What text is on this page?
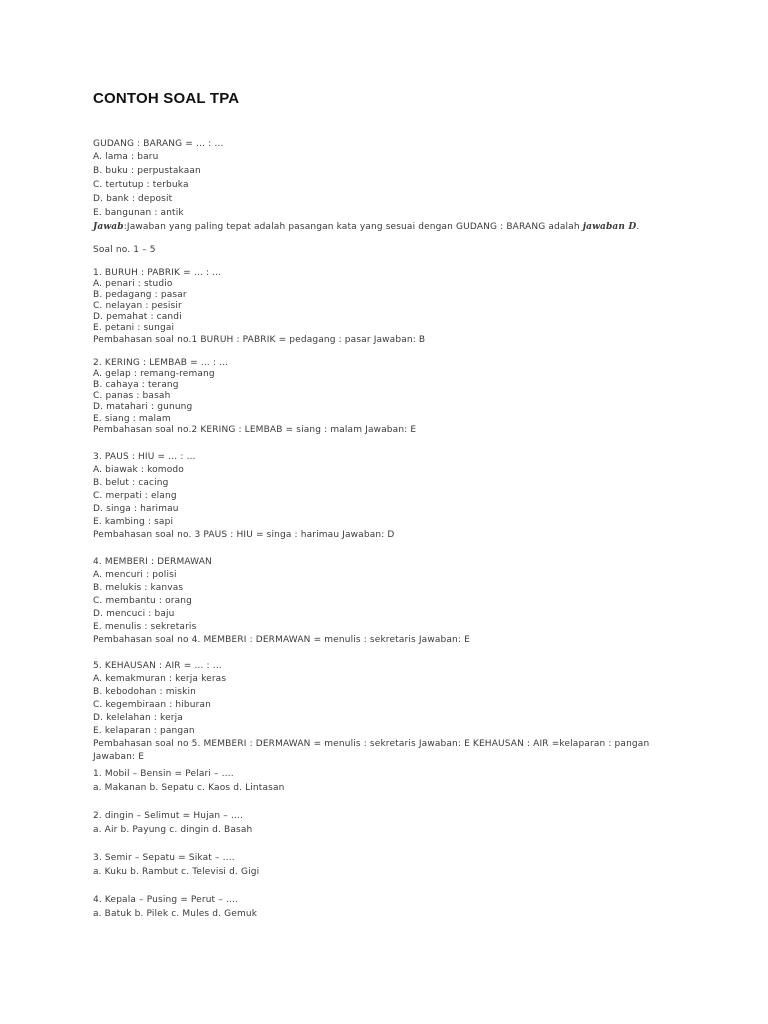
CONTOH SOAL TPA
GUDANG : BARANG = … : …
A. lama : baru
B. buku : perpustakaan
C. tertutup : terbuka
D. bank : deposit
E. bangunan : antik
Jawab:Jawaban yang paling tepat adalah pasangan kata yang sesuai dengan GUDANG : BARANG adalah jawaban D.
Soal no. 1 – 5
1. BURUH : PABRIK = … : …
A. penari : studio
B. pedagang : pasar
C. nelayan : pesisir
D. pemahat : candi
E. petani : sungai
Pembahasan soal no.1 BURUH : PABRIK = pedagang : pasar Jawaban: B
2. KERING : LEMBAB = … : …
A. gelap : remang-remang
B. cahaya : terang
C. panas : basah
D. matahari : gunung
E. siang : malam
Pembahasan soal no.2 KERING : LEMBAB = siang : malam Jawaban: E
3. PAUS : HIU = … : …
A. biawak : komodo
B. belut : cacing
C. merpati : elang
D. singa : harimau
E. kambing : sapi
Pembahasan soal no. 3 PAUS : HIU = singa : harimau Jawaban: D
4. MEMBERI : DERMAWAN
A. mencuri : polisi
B. melukis : kanvas
C. membantu : orang
D. mencuci : baju
E. menulis : sekretaris
Pembahasan soal no 4. MEMBERI : DERMAWAN = menulis : sekretaris Jawaban: E
5. KEHAUSAN : AIR = … : …
A. kemakmuran : kerja keras
B. kebodohan : miskin
C. kegembiraan : hiburan
D. kelelahan : kerja
E. kelaparan : pangan
Pembahasan soal no 5. MEMBERI : DERMAWAN = menulis : sekretaris Jawaban: E KEHAUSAN : AIR =kelaparan : pangan
Jawaban: E
1. Mobil – Bensin = Pelari – ….
a. Makanan b. Sepatu c. Kaos d. Lintasan
2. dingin – Selimut = Hujan – ….
a. Air b. Payung c. dingin d. Basah
3. Semir – Sepatu = Sikat – ….
a. Kuku b. Rambut c. Televisi d. Gigi
4. Kepala – Pusing = Perut – ….
a. Batuk b. Pilek c. Mules d. Gemuk
